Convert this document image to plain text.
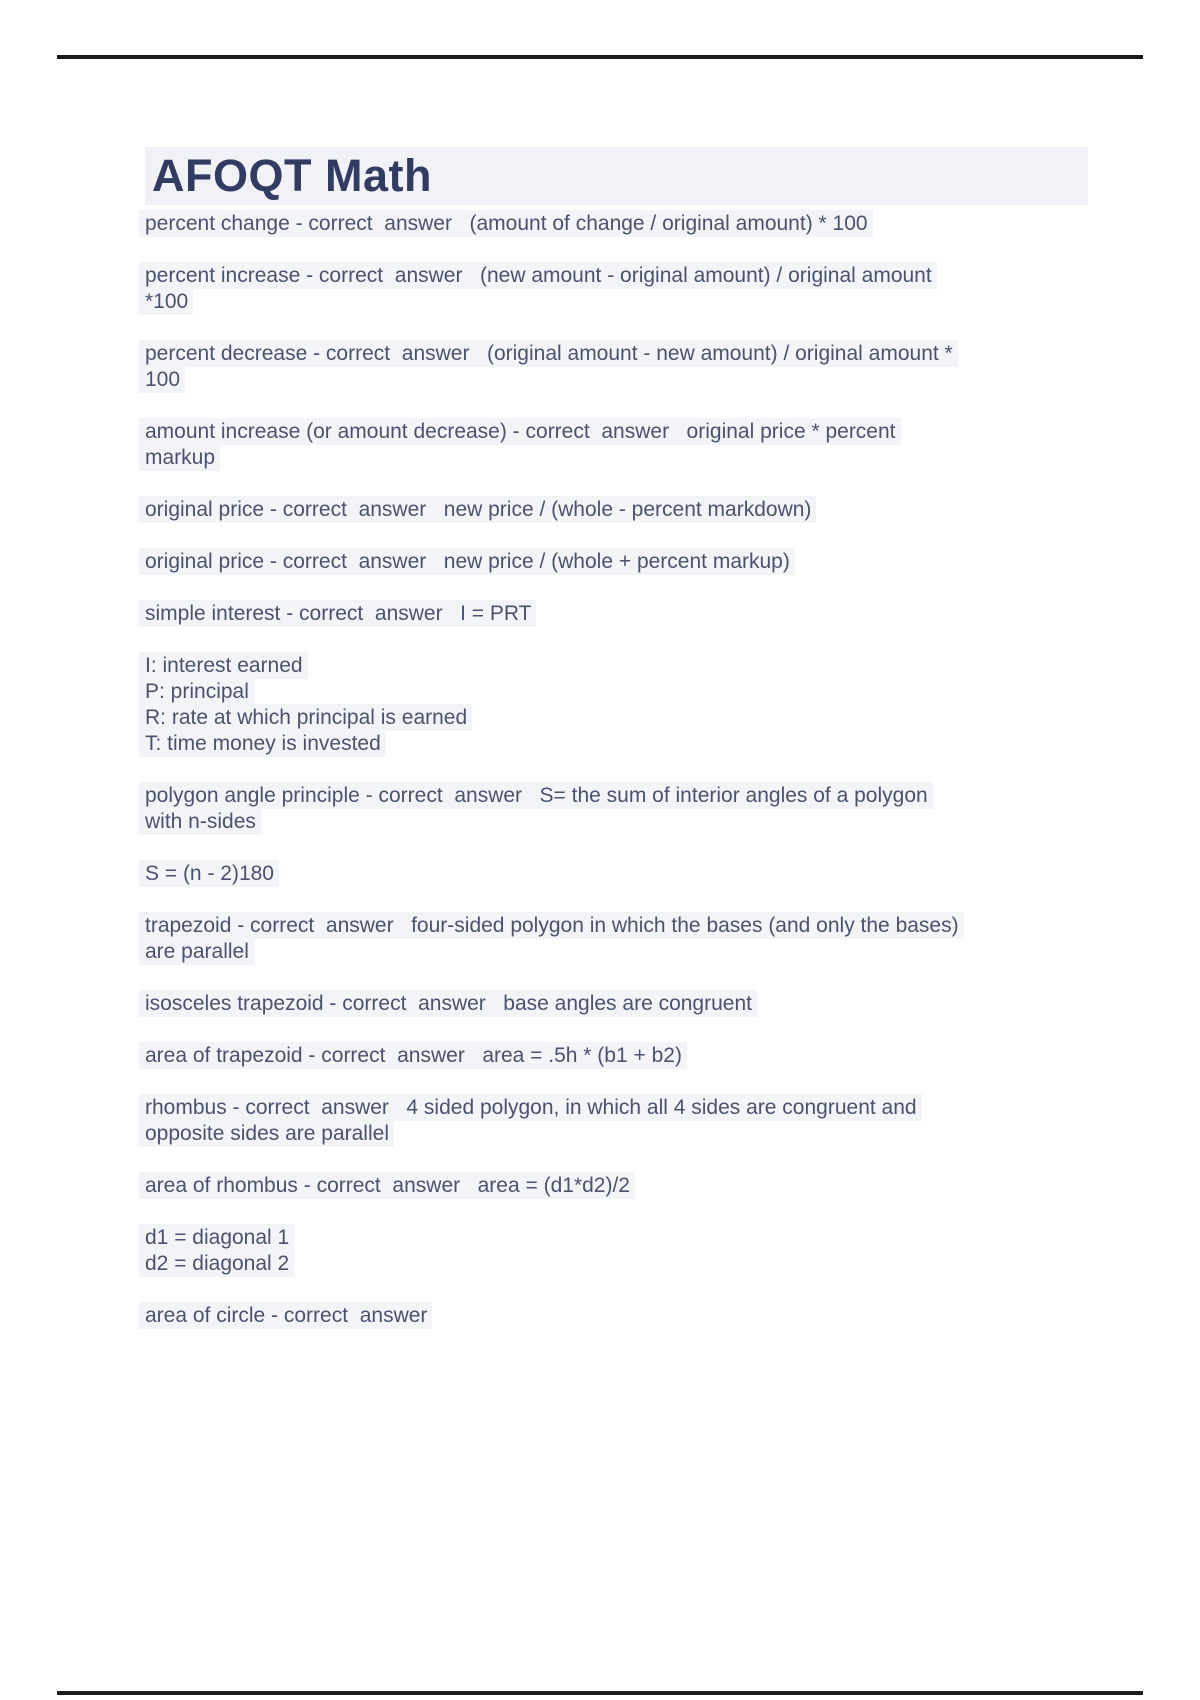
AFOQT Math
percent change - correct  answer   (amount of change / original amount) * 100
percent increase - correct  answer   (new amount - original amount) / original amount
*100
percent decrease - correct  answer   (original amount - new amount) / original amount *
100
amount increase (or amount decrease) - correct  answer   original price * percent
markup
original price - correct  answer   new price / (whole - percent markdown)
original price - correct  answer   new price / (whole + percent markup)
simple interest - correct  answer   I = PRT
I: interest earned
P: principal
R: rate at which principal is earned
T: time money is invested
polygon angle principle - correct  answer   S= the sum of interior angles of a polygon
with n-sides
S = (n - 2)180
trapezoid - correct  answer   four-sided polygon in which the bases (and only the bases)
are parallel
isosceles trapezoid - correct  answer   base angles are congruent
area of trapezoid - correct  answer   area = .5h * (b1 + b2)
rhombus - correct  answer   4 sided polygon, in which all 4 sides are congruent and
opposite sides are parallel
area of rhombus - correct  answer   area = (d1*d2)/2
d1 = diagonal 1
d2 = diagonal 2
area of circle - correct  answer
